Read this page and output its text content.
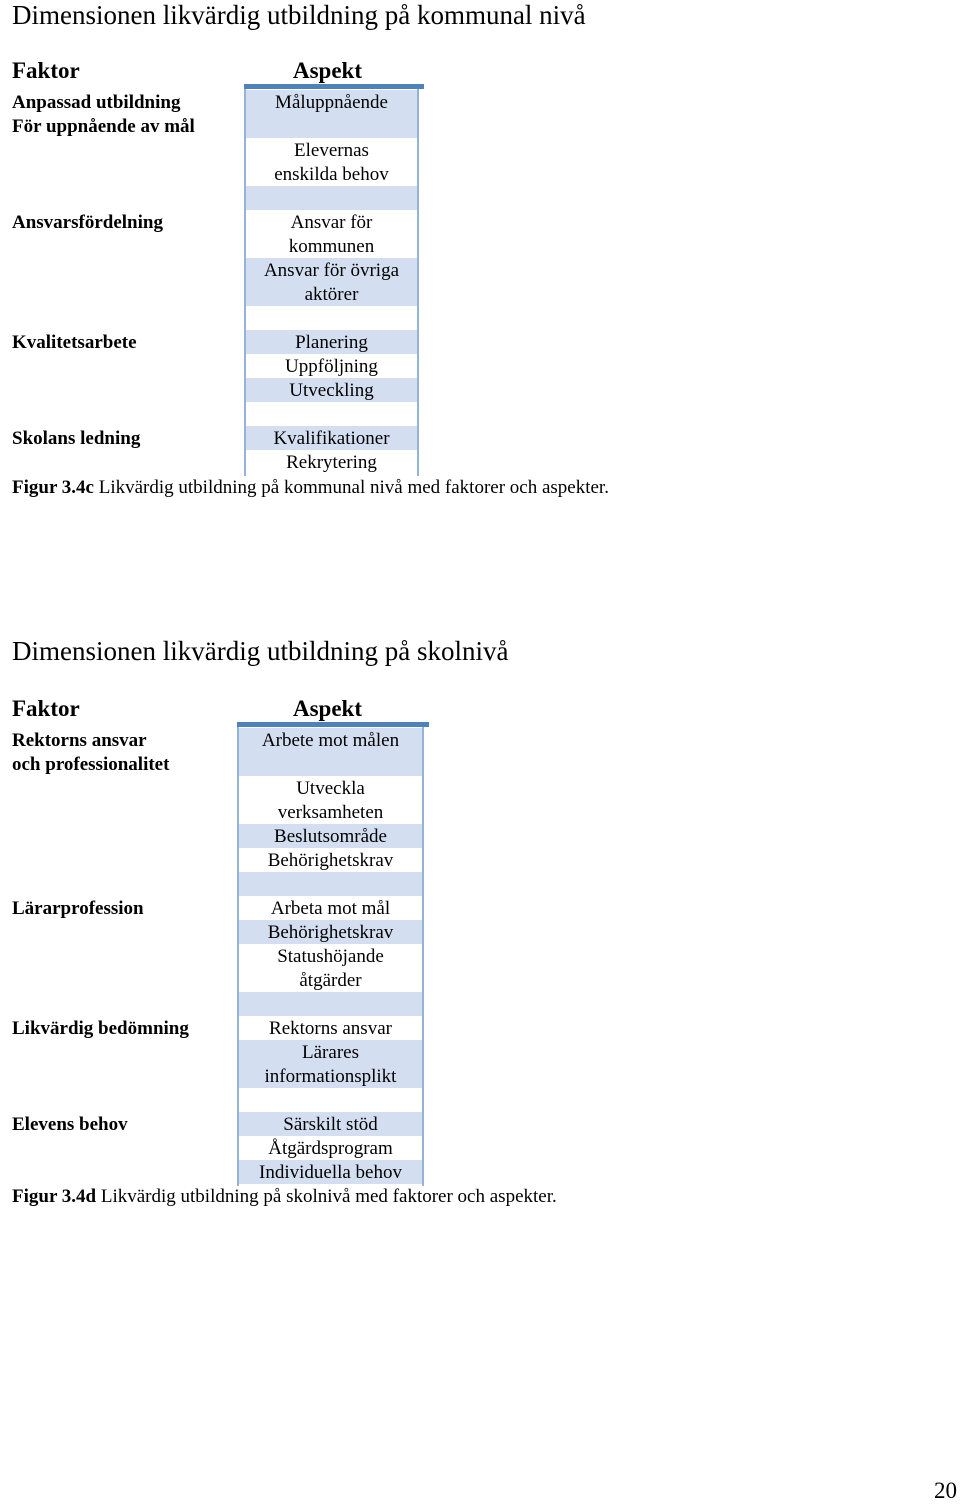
Dimensionen likvärdig utbildning på kommunal nivå
Faktor	Aspekt
Anpassad utbildning
För uppnående av mål
Ansvarsfördelning
Kvalitetsarbete
Skolans ledning
Måluppnående
Elevernas
enskilda behov
Ansvar för
kommunen
Ansvar för övriga
aktörer
Planering
Uppföljning
Utveckling
Kvalifikationer
Rekrytering
Figur 3.4c Likvärdig utbildning på kommunal nivå med faktorer och aspekter.
Dimensionen likvärdig utbildning på skolnivå
Faktor	Aspekt
Rektorns ansvar
och professionalitet
Lärarprofession
Likvärdig bedömning
Elevens behov
Arbete mot målen
Utveckla
verksamheten
Beslutsområde
Behörighetskrav
Arbeta mot mål
Behörighetskrav
Statushöjande
åtgärder
Rektorns ansvar
Lärares
informationsplikt
Särskilt stöd
Åtgärdsprogram
Individuella behov
Figur 3.4d Likvärdig utbildning på skolnivå med faktorer och aspekter.
20
